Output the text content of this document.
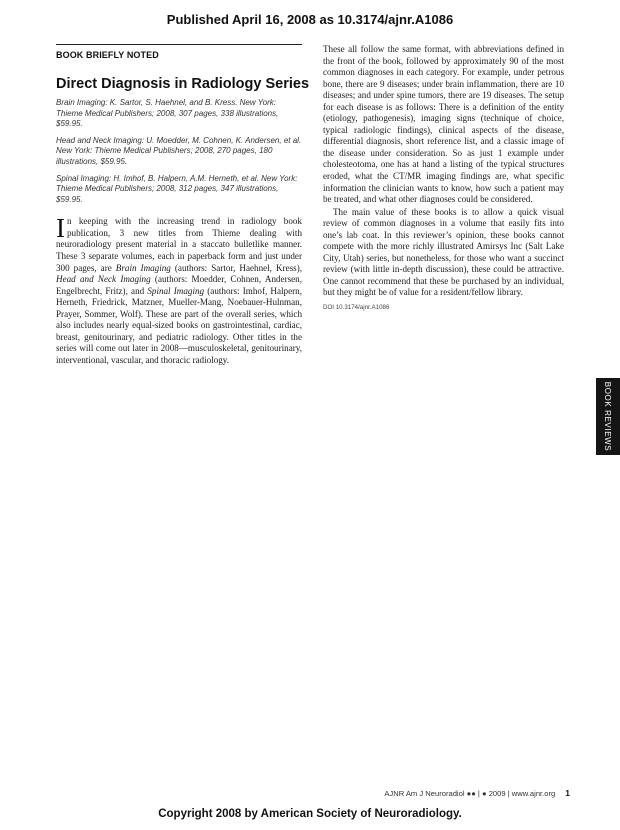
Published April 16, 2008 as 10.3174/ajnr.A1086
BOOK BRIEFLY NOTED
Direct Diagnosis in Radiology Series

Brain Imaging: K. Sartor, S. Haehnel, and B. Kress. New York: Thieme Medical Publishers; 2008, 307 pages, 338 illustrations, $59.95.

Head and Neck Imaging: U. Moedder, M. Cohnen, K. Andersen, et al. New York: Thieme Medical Publishers; 2008, 270 pages, 180 illustrations, $59.95.

Spinal Imaging: H. Imhof, B. Halpern, A.M. Herneth, et al. New York: Thieme Medical Publishers; 2008, 312 pages, 347 illustrations, $59.95.

In keeping with the increasing trend in radiology book publication, 3 new titles from Thieme dealing with neuroradiology present material in a staccato bulletlike manner. These 3 separate volumes, each in paperback form and just under 300 pages, are Brain Imaging (authors: Sartor, Haehnel, Kress), Head and Neck Imaging (authors: Moedder, Cohnen, Andersen, Engelbrecht, Fritz), and Spinal Imaging (authors: Imhof, Halpern, Herneth, Friedrick, Matzner, Mueller-Mang, Noebauer-Hulnman, Prayer, Sommer, Wolf). These are part of the overall series, which also includes nearly equal-sized books on gastrointestinal, cardiac, breast, genitourinary, and pediatric radiology. Other titles in the series will come out later in 2008—musculoskeletal, genitourinary, interventional, vascular, and thoracic radiology.

These all follow the same format, with abbreviations defined in the front of the book, followed by approximately 90 of the most common diagnoses in each category. For example, under petrous bone, there are 9 diseases; under brain inflammation, there are 10 diseases; and under spine tumors, there are 19 diseases. The setup for each disease is as follows: There is a definition of the entity (etiology, pathogenesis), imaging signs (technique of choice, typical radiologic findings), clinical aspects of the disease, differential diagnosis, short reference list, and a classic image of the disease under consideration. So as just 1 example under cholesteotoma, one has at hand a listing of the typical structures eroded, what the CT/MR imaging findings are, what specific information the clinician wants to know, how such a patient may be treated, and what other diagnoses could be considered.

The main value of these books is to allow a quick visual review of common diagnoses in a volume that easily fits into one’s lab coat. In this reviewer’s opinion, these books cannot compete with the more richly illustrated Amirsys Inc (Salt Lake City, Utah) series, but nonetheless, for those who want a succinct review (with little in-depth discussion), these could be attractive. One cannot recommend that these be purchased by an individual, but they might be of value for a resident/fellow library.

DOI 10.3174/ajnr.A1086
BOOK REVIEWS
AJNR Am J Neuroradiol ●● | ● 2009 | www.ajnr.org 1
Copyright 2008 by American Society of Neuroradiology.
